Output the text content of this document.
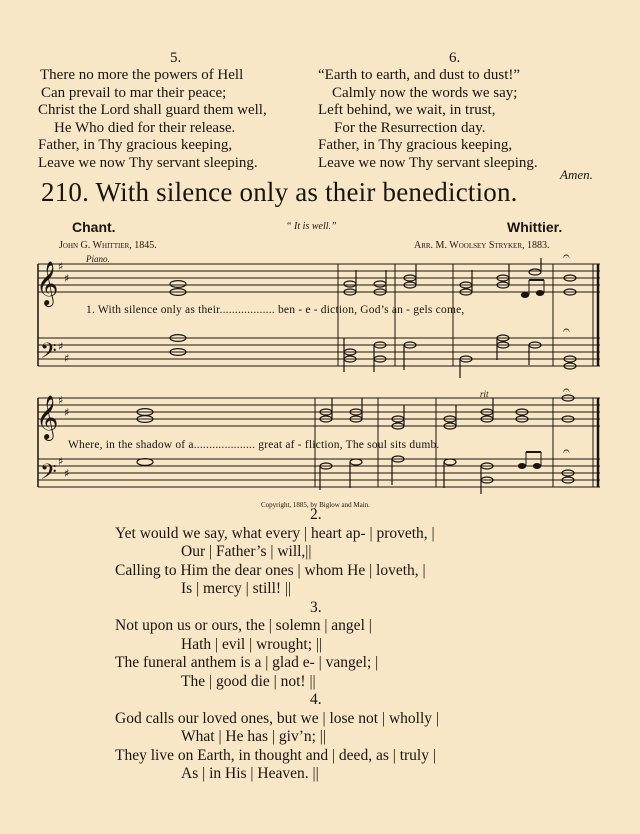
5.	6.
There no more the powers of Hell
Can prevail to mar their peace;
Christ the Lord shall guard them well,
He Who died for their release.
Father, in Thy gracious keeping,
Leave we now Thy servant sleeping.
“Earth to earth, and dust to dust!”
Calmly now the words we say;
Left behind, we wait, in trust,
For the Resurrection day.
Father, in Thy gracious keeping,
Leave we now Thy servant sleeping.
Amen.
210. With silence only as their benediction.
Chant.	“ It is well.”	Whittier.
John G. Whittier, 1845.	Arr. M. Woolsey Stryker, 1883.
𝄞
𝄢
𝄞
𝄢
♯
♯
♯
♯
♯
♯
♯
♯
𝄐
𝄐
𝄐
𝄐
Piano.
rit
1. With silence only as their.................. ben - e - diction, God’s an - gels come,
Where, in the shadow of a.................... great af - fliction, The soul sits dumb.
Copyright, 1885, by Biglow and Main.
2.
Yet would we say, what every | heart ap- | proveth, |
Our | Father’s | will,||
Calling to Him the dear ones | whom He | loveth, |
Is | mercy | still! ||
3.
Not upon us or ours, the | solemn | angel |
Hath | evil | wrought; ||
The funeral anthem is a | glad e- | vangel; |
The | good die | not! ||
4.
God calls our loved ones, but we | lose not | wholly |
What | He has | giv’n; ||
They live on Earth, in thought and | deed, as | truly |
As | in His | Heaven. ||
